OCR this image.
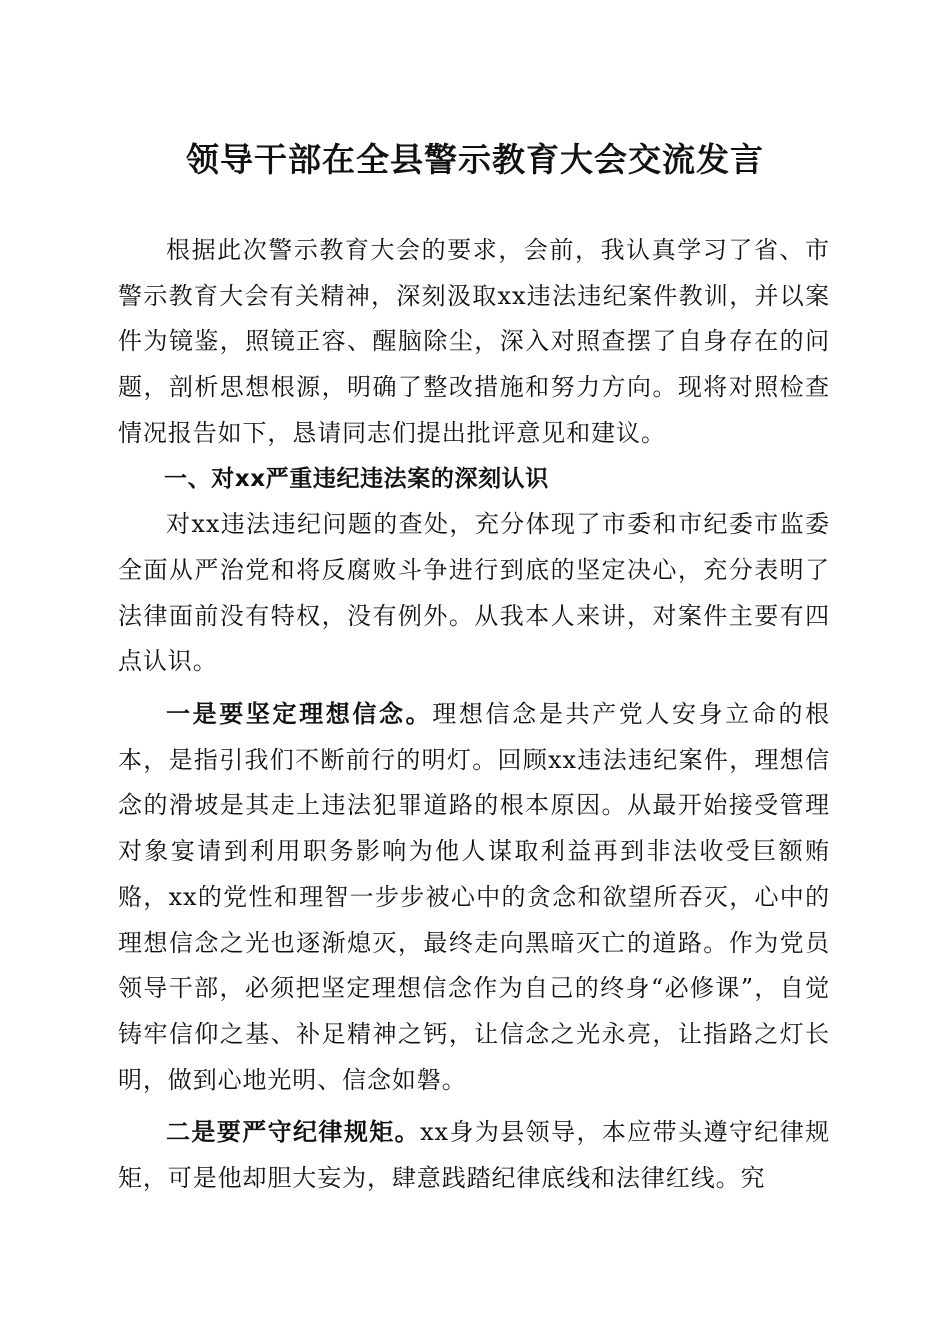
领导干部在全县警示教育大会交流发言

根据此次警示教育大会的要求，会前，我认真学习了省、市警示教育大会有关精神，深刻汲取xx违法违纪案件教训，并以案件为镜鉴，照镜正容、醒脑除尘，深入对照查摆了自身存在的问题，剖析思想根源，明确了整改措施和努力方向。现将对照检查情况报告如下，恳请同志们提出批评意见和建议。

一、对xx严重违纪违法案的深刻认识

对xx违法违纪问题的查处，充分体现了市委和市纪委市监委全面从严治党和将反腐败斗争进行到底的坚定决心，充分表明了法律面前没有特权，没有例外。从我本人来讲，对案件主要有四点认识。

一是要坚定理想信念。理想信念是共产党人安身立命的根本，是指引我们不断前行的明灯。回顾xx违法违纪案件，理想信念的滑坡是其走上违法犯罪道路的根本原因。从最开始接受管理对象宴请到利用职务影响为他人谋取利益再到非法收受巨额贿赂，xx的党性和理智一步步被心中的贪念和欲望所吞灭，心中的理想信念之光也逐渐熄灭，最终走向黑暗灭亡的道路。作为党员领导干部，必须把坚定理想信念作为自己的终身“必修课”，自觉铸牢信仰之基、补足精神之钙，让信念之光永亮，让指路之灯长明，做到心地光明、信念如磐。

二是要严守纪律规矩。xx身为县领导，本应带头遵守纪律规矩，可是他却胆大妄为，肆意践踏纪律底线和法律红线。究
